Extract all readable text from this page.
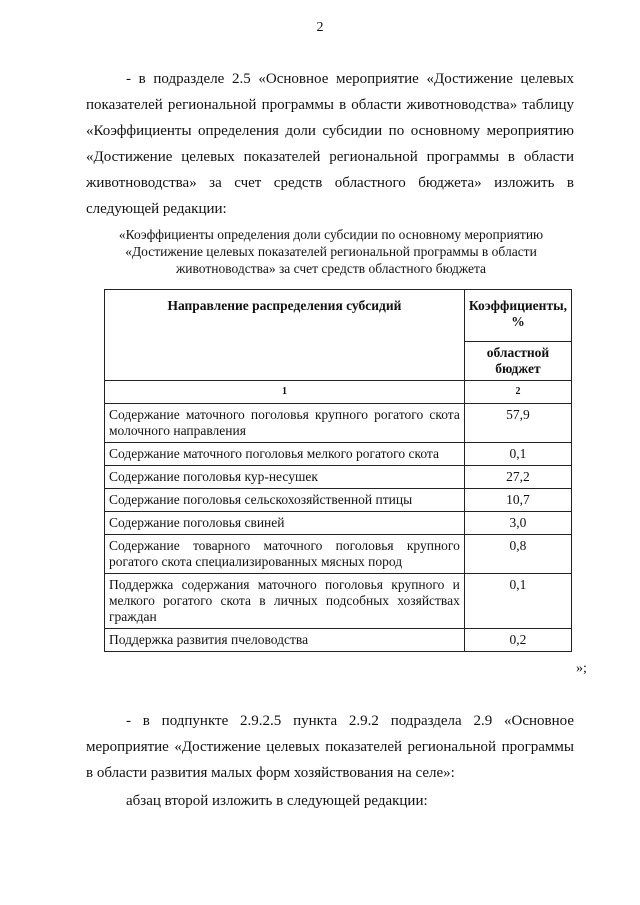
2

- в подразделе 2.5 «Основное мероприятие «Достижение целевых показателей региональной программы в области животноводства» таблицу «Коэффициенты определения доли субсидии по основному мероприятию «Достижение целевых показателей региональной программы в области животноводства» за счет средств областного бюджета» изложить в следующей редакции:

«Коэффициенты определения доли субсидии по основному мероприятию «Достижение целевых показателей региональной программы в области животноводства» за счет средств областного бюджета

Направление распределения субсидий	Коэффициенты, %
	областной бюджет
1	2
Содержание маточного поголовья крупного рогатого скота молочного направления	57,9
Содержание маточного поголовья мелкого рогатого скота	0,1
Содержание поголовья кур-несушек	27,2
Содержание поголовья сельскохозяйственной птицы	10,7
Содержание поголовья свиней	3,0
Содержание товарного маточного поголовья крупного рогатого скота специализированных мясных пород	0,8
Поддержка содержания маточного поголовья крупного и мелкого рогатого скота в личных подсобных хозяйствах граждан	0,1
Поддержка развития пчеловодства	0,2
»;

- в подпункте 2.9.2.5 пункта 2.9.2 подраздела 2.9 «Основное мероприятие «Достижение целевых показателей региональной программы в области развития малых форм хозяйствования на селе»:

абзац второй изложить в следующей редакции:
